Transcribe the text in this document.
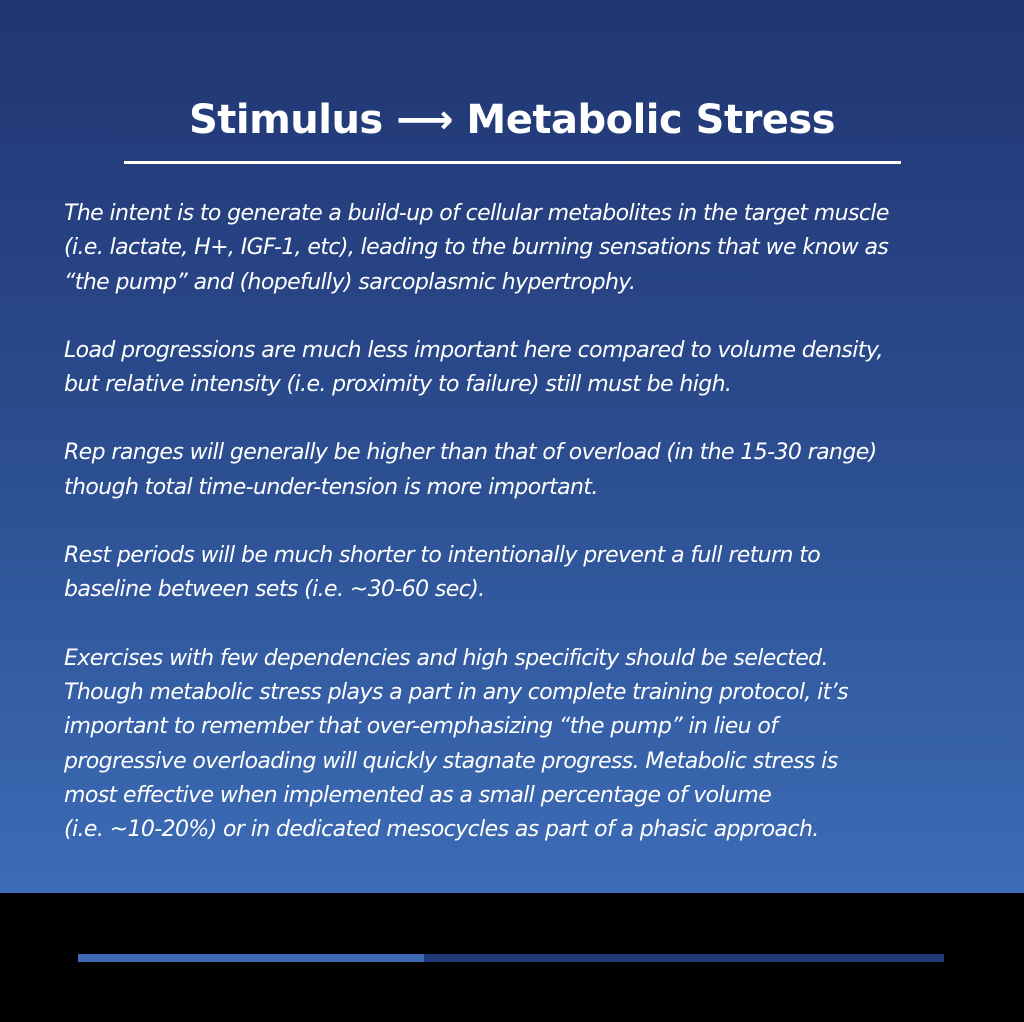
Stimulus ⟶ Metabolic Stress

The intent is to generate a build-up of cellular metabolites in the target muscle
(i.e. lactate, H+, IGF-1, etc), leading to the burning sensations that we know as
“the pump” and (hopefully) sarcoplasmic hypertrophy.

Load progressions are much less important here compared to volume density,
but relative intensity (i.e. proximity to failure) still must be high.

Rep ranges will generally be higher than that of overload (in the 15-30 range)
though total time-under-tension is more important.

Rest periods will be much shorter to intentionally prevent a full return to
baseline between sets (i.e. ~30-60 sec).

Exercises with few dependencies and high specificity should be selected.
Though metabolic stress plays a part in any complete training protocol, it’s
important to remember that over-emphasizing “the pump” in lieu of
progressive overloading will quickly stagnate progress. Metabolic stress is
most effective when implemented as a small percentage of volume
(i.e. ~10-20%) or in dedicated mesocycles as part of a phasic approach.
